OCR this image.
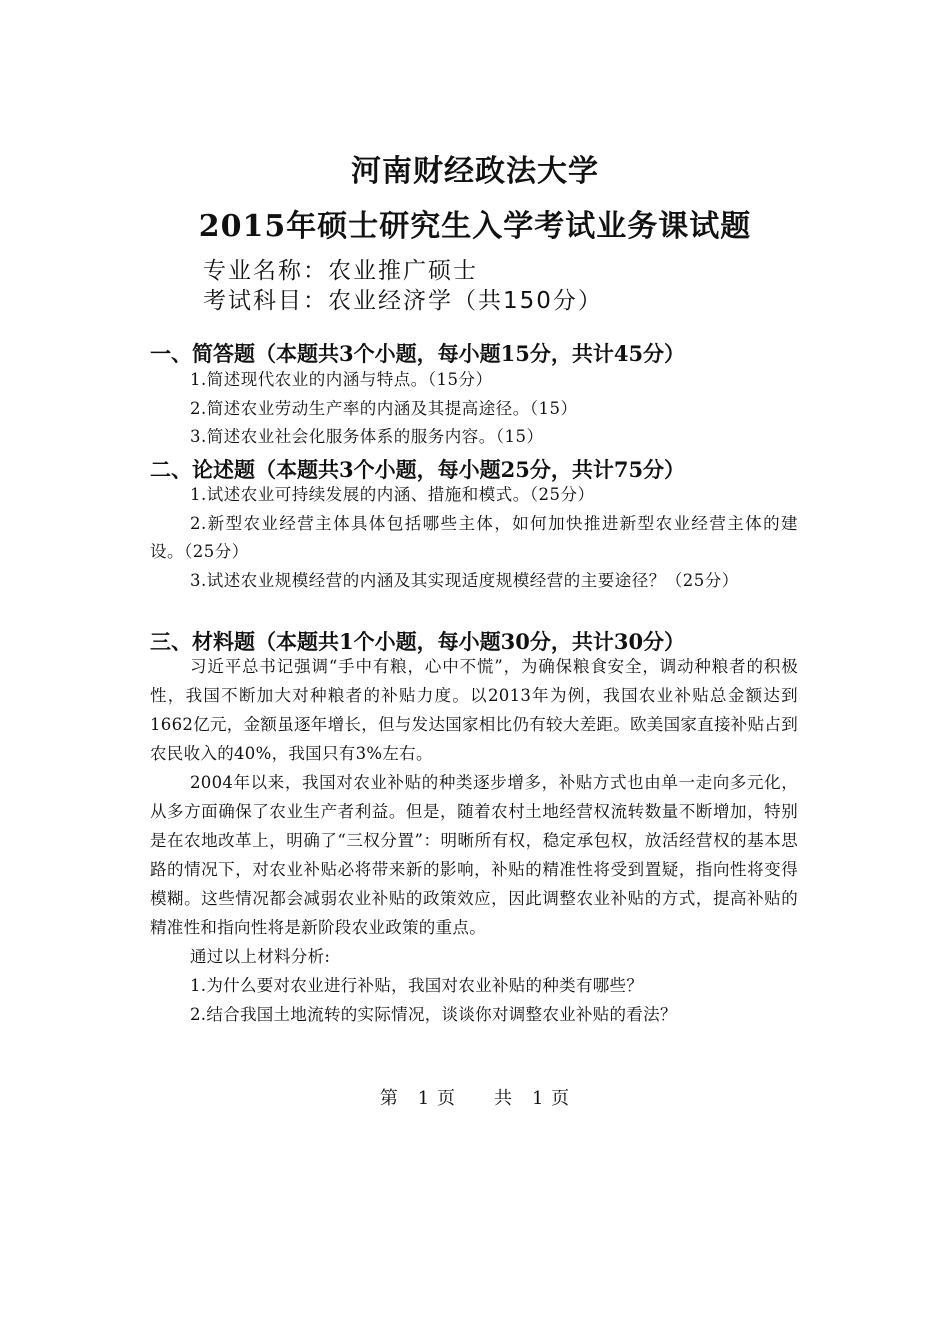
河南财经政法大学
2015年硕士研究生入学考试业务课试题
专业名称：农业推广硕士
考试科目：农业经济学（共150分）
一、简答题（本题共3个小题，每小题15分，共计45分）

1.简述现代农业的内涵与特点。（15分）

2.简述农业劳动生产率的内涵及其提高途径。（15）

3.简述农业社会化服务体系的服务内容。（15）

二、论述题（本题共3个小题，每小题25分，共计75分）

1.试述农业可持续发展的内涵、措施和模式。（25分）

2.新型农业经营主体具体包括哪些主体，如何加快推进新型农业经营主体的建设。（25分）

3.试述农业规模经营的内涵及其实现适度规模经营的主要途径？（25分）

三、材料题（本题共1个小题，每小题30分，共计30分）

习近平总书记强调“手中有粮，心中不慌”，为确保粮食安全，调动种粮者的积极性，我国不断加大对种粮者的补贴力度。以2013年为例，我国农业补贴总金额达到1662亿元，金额虽逐年增长，但与发达国家相比仍有较大差距。欧美国家直接补贴占到农民收入的40%，我国只有3%左右。

2004年以来，我国对农业补贴的种类逐步增多，补贴方式也由单一走向多元化，从多方面确保了农业生产者利益。但是，随着农村土地经营权流转数量不断增加，特别是在农地改革上，明确了“三权分置”：明晰所有权，稳定承包权，放活经营权的基本思路的情况下，对农业补贴必将带来新的影响，补贴的精准性将受到置疑，指向性将变得模糊。这些情况都会减弱农业补贴的政策效应，因此调整农业补贴的方式，提高补贴的精准性和指向性将是新阶段农业政策的重点。

通过以上材料分析:

1.为什么要对农业进行补贴，我国对农业补贴的种类有哪些？

2.结合我国土地流转的实际情况，谈谈你对调整农业补贴的看法？

第　1 页　　共　1 页
